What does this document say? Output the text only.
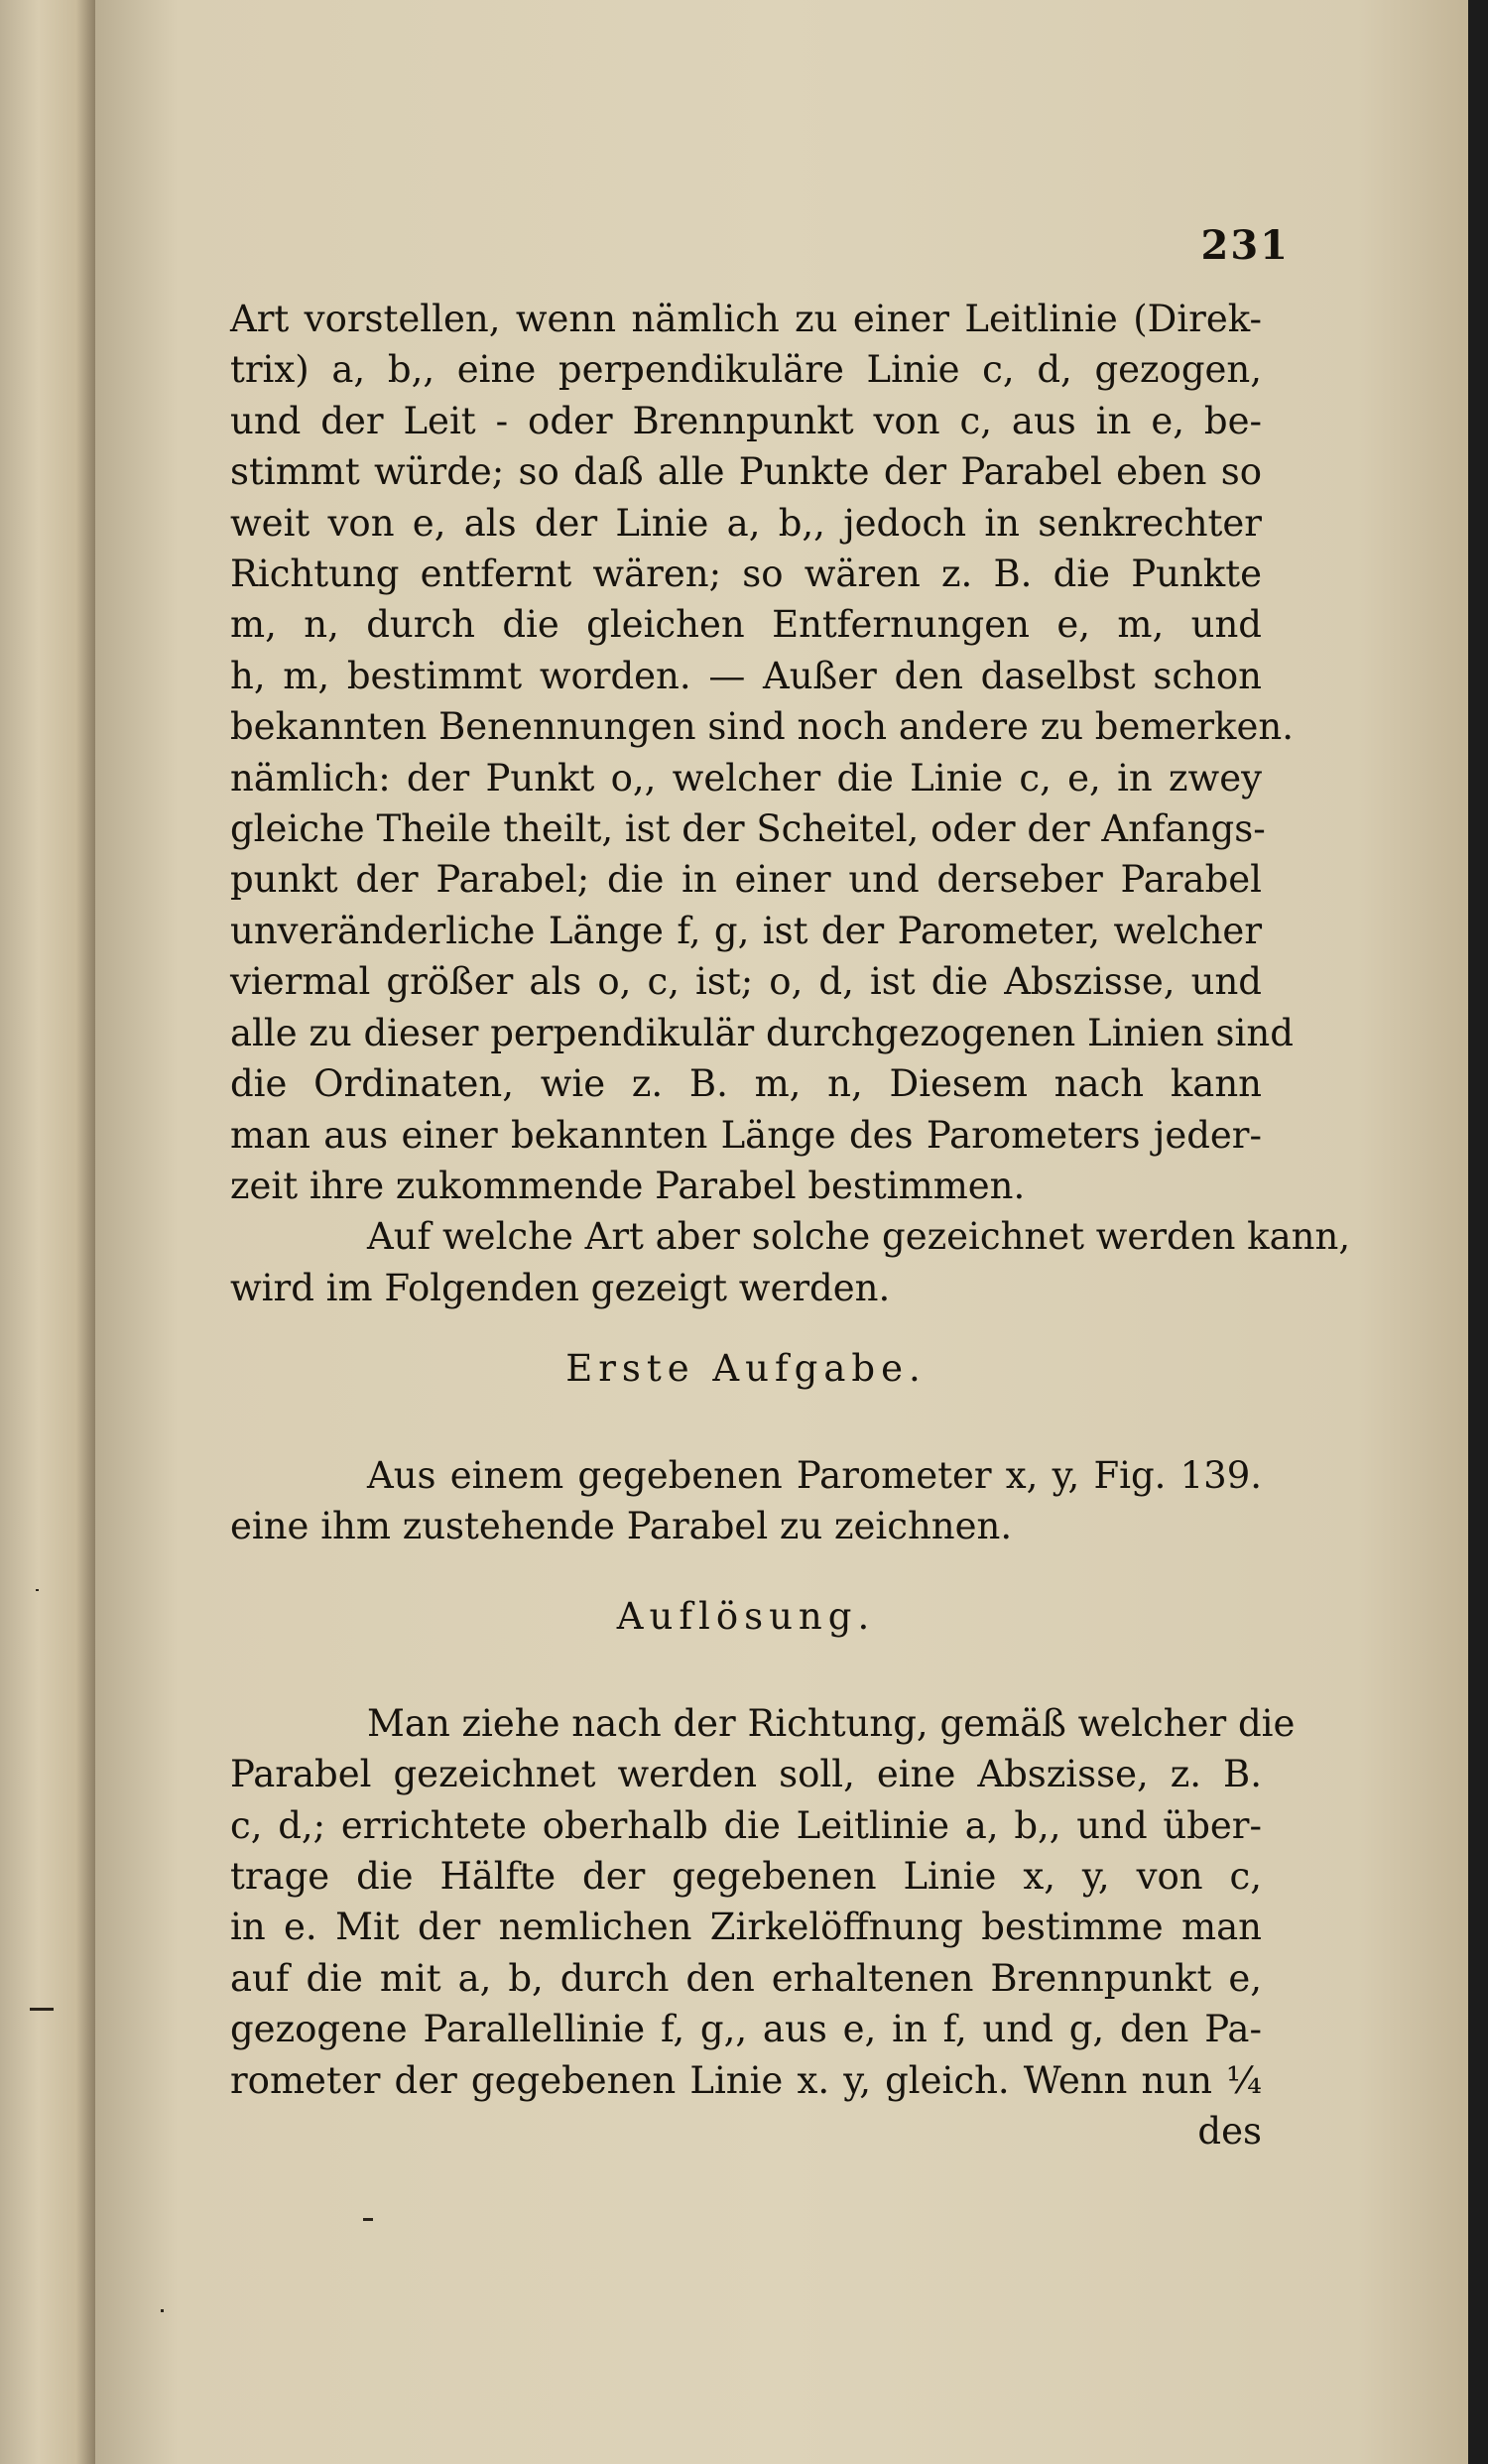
231
Art vorstellen, wenn nämlich zu einer Leitlinie (Direk-
trix) a, b,, eine perpendikuläre Linie c, d, gezogen,
und der Leit - oder Brennpunkt von c, aus in e, be-
stimmt würde; so daß alle Punkte der Parabel eben so
weit von e, als der Linie a, b,, jedoch in senkrechter
Richtung entfernt wären; so wären z. B. die Punkte
m, n, durch die gleichen Entfernungen e, m, und
h, m, bestimmt worden. — Außer den daselbst schon
bekannten Benennungen sind noch andere zu bemerken.
nämlich: der Punkt o,, welcher die Linie c, e, in zwey
gleiche Theile theilt, ist der Scheitel, oder der Anfangs-
punkt der Parabel; die in einer und derseber Parabel
unveränderliche Länge f, g, ist der Parometer, welcher
viermal größer als o, c, ist; o, d, ist die Abszisse, und
alle zu dieser perpendikulär durchgezogenen Linien sind
die Ordinaten, wie z. B. m, n, Diesem nach kann
man aus einer bekannten Länge des Parometers jeder-
zeit ihre zukommende Parabel bestimmen.
Auf welche Art aber solche gezeichnet werden kann,
wird im Folgenden gezeigt werden.
Erste Aufgabe.
Aus einem gegebenen Parometer x, y, Fig. 139.
eine ihm zustehende Parabel zu zeichnen.
Auflösung.
Man ziehe nach der Richtung, gemäß welcher die
Parabel gezeichnet werden soll, eine Abszisse, z. B.
c, d,; errichtete oberhalb die Leitlinie a, b,, und über-
trage die Hälfte der gegebenen Linie x, y, von c,
in e. Mit der nemlichen Zirkelöffnung bestimme man
auf die mit a, b, durch den erhaltenen Brennpunkt e,
gezogene Parallellinie f, g,, aus e, in f, und g, den Pa-
rometer der gegebenen Linie x. y, gleich. Wenn nun ¼
des
